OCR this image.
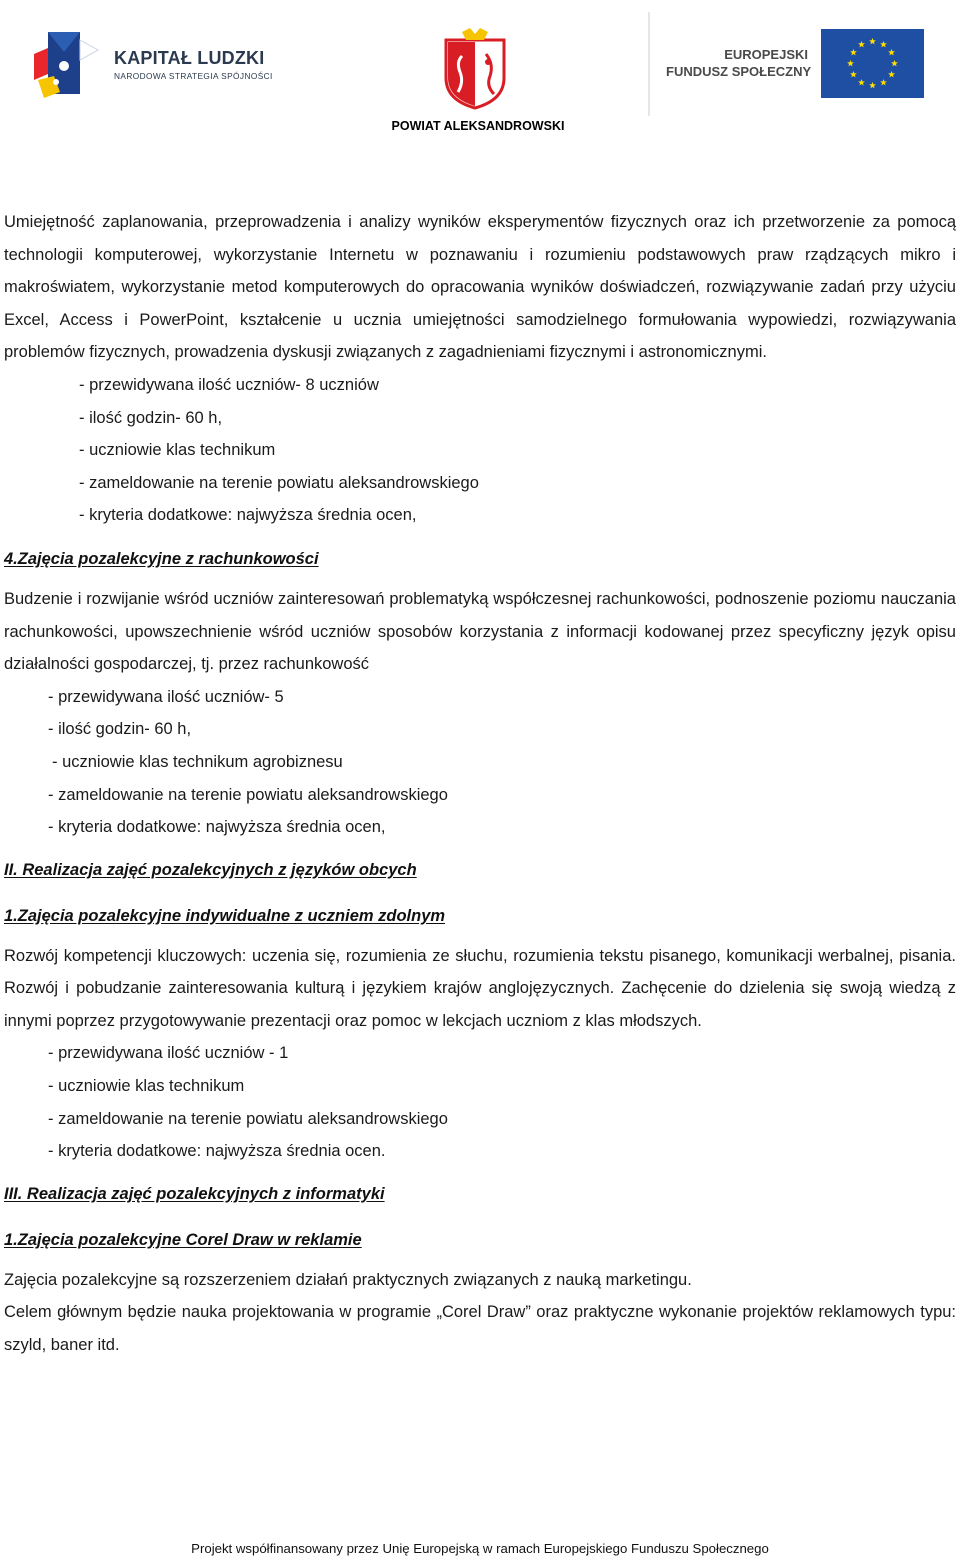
KAPITAŁ LUDZKI
NARODOWA STRATEGIA SPÓJNOŚCI
POWIAT ALEKSANDROWSKI
EUROPEJSKI
FUNDUSZ SPOŁECZNY

Umiejętność zaplanowania, przeprowadzenia i analizy wyników eksperymentów fizycznych oraz ich przetworzenie za pomocą technologii komputerowej, wykorzystanie Internetu w poznawaniu i rozumieniu podstawowych praw rządzących mikro i makroświatem, wykorzystanie metod komputerowych do opracowania wyników doświadczeń, rozwiązywanie zadań przy użyciu Excel, Access i PowerPoint, kształcenie u ucznia umiejętności samodzielnego formułowania wypowiedzi, rozwiązywania problemów fizycznych, prowadzenia dyskusji związanych z zagadnieniami fizycznymi i astronomicznymi.

- przewidywana ilość uczniów- 8 uczniów
- ilość godzin- 60 h,
- uczniowie klas technikum
- zameldowanie na terenie powiatu aleksandrowskiego
- kryteria dodatkowe: najwyższa średnia ocen,

4.Zajęcia pozalekcyjne z rachunkowości

Budzenie i rozwijanie wśród uczniów zainteresowań problematyką współczesnej rachunkowości, podnoszenie poziomu nauczania rachunkowości, upowszechnienie wśród uczniów sposobów korzystania z informacji kodowanej przez specyficzny język opisu działalności gospodarczej, tj. przez rachunkowość

- przewidywana ilość uczniów- 5
- ilość godzin- 60 h,
- uczniowie klas technikum agrobiznesu
- zameldowanie na terenie powiatu aleksandrowskiego
- kryteria dodatkowe: najwyższa średnia ocen,

II. Realizacja zajęć pozalekcyjnych z języków obcych

1.Zajęcia pozalekcyjne indywidualne z uczniem zdolnym

Rozwój kompetencji kluczowych: uczenia się, rozumienia ze słuchu, rozumienia tekstu pisanego, komunikacji werbalnej, pisania. Rozwój i pobudzanie zainteresowania kulturą i językiem krajów anglojęzycznych. Zachęcenie do dzielenia się swoją wiedzą z innymi poprzez przygotowywanie prezentacji oraz pomoc w lekcjach uczniom z klas młodszych.

- przewidywana ilość uczniów - 1
- uczniowie klas technikum
- zameldowanie na terenie powiatu aleksandrowskiego
- kryteria dodatkowe: najwyższa średnia ocen.

III. Realizacja zajęć pozalekcyjnych z informatyki

1.Zajęcia pozalekcyjne Corel Draw w reklamie

Zajęcia pozalekcyjne są rozszerzeniem działań praktycznych związanych z nauką marketingu.

Celem głównym będzie nauka projektowania w programie „Corel Draw” oraz praktyczne wykonanie projektów reklamowych typu: szyld, baner itd.

Projekt współfinansowany przez Unię Europejską w ramach Europejskiego Funduszu Społecznego
